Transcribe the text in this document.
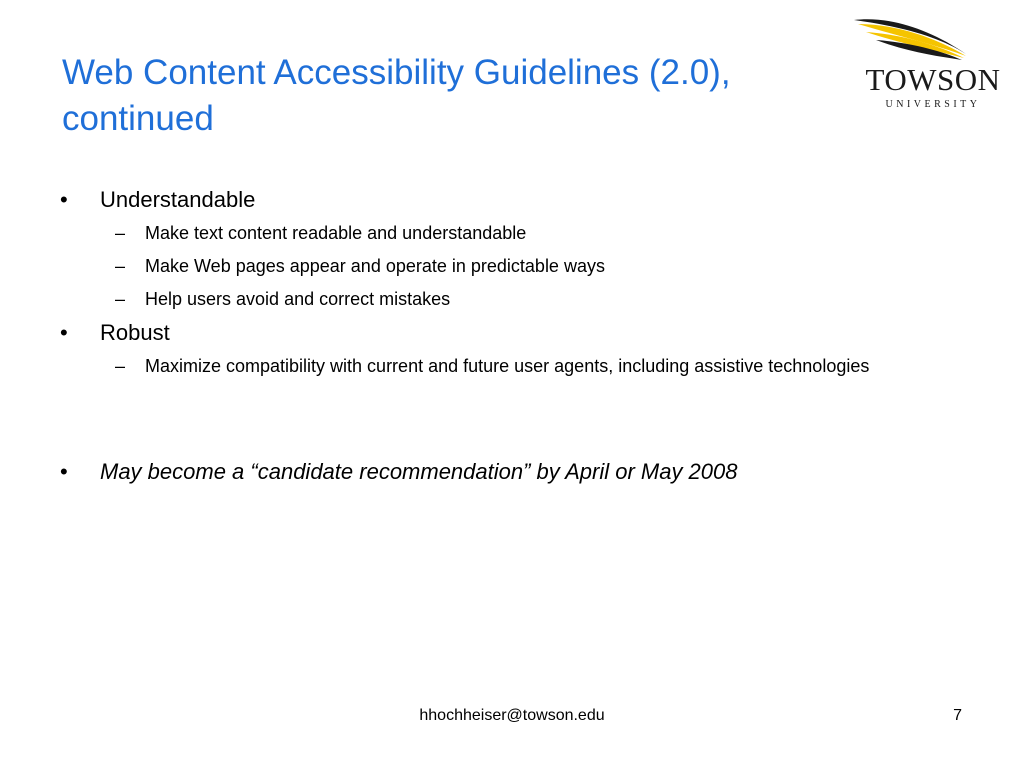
Web Content Accessibility Guidelines (2.0), continued
TOWSON
UNIVERSITY
•	Understandable
– Make text content readable and understandable
– Make Web pages appear and operate in predictable ways
– Help users avoid and correct mistakes
•	Robust
– Maximize compatibility with current and future user agents, including assistive technologies
•	May become a “candidate recommendation” by April or May 2008
hhochheiser@towson.edu	7
